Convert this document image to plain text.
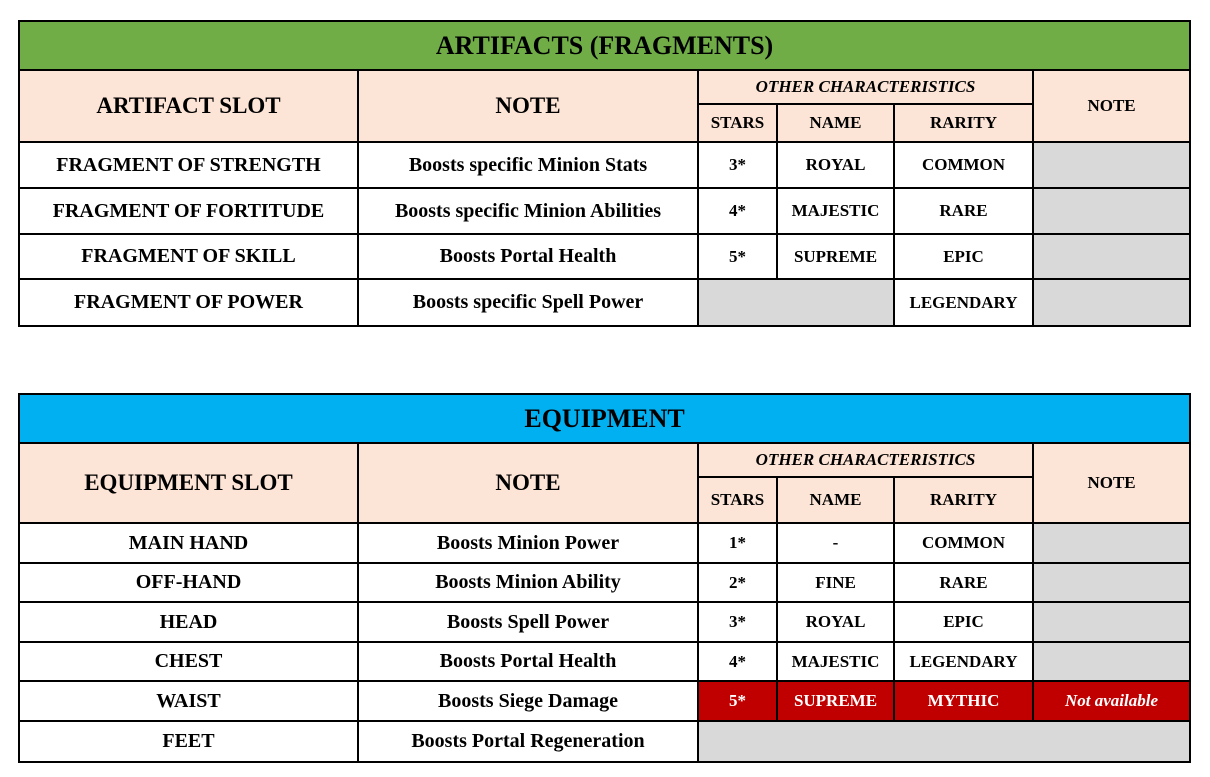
ARTIFACTS (FRAGMENTS)					
ARTIFACT SLOT	NOTE	OTHER CHARACTERISTICS			NOTE
		STARS	NAME	RARITY	
FRAGMENT OF STRENGTH	Boosts specific Minion Stats	3*	ROYAL	COMMON	
FRAGMENT OF FORTITUDE	Boosts specific Minion Abilities	4*	MAJESTIC	RARE	
FRAGMENT OF SKILL	Boosts Portal Health	5*	SUPREME	EPIC	
FRAGMENT OF POWER	Boosts specific Spell Power			LEGENDARY	
EQUIPMENT					
EQUIPMENT SLOT	NOTE	OTHER CHARACTERISTICS			NOTE
		STARS	NAME	RARITY	
MAIN HAND	Boosts Minion Power	1*	-	COMMON	
OFF-HAND	Boosts Minion Ability	2*	FINE	RARE	
HEAD	Boosts Spell Power	3*	ROYAL	EPIC	
CHEST	Boosts Portal Health	4*	MAJESTIC	LEGENDARY	
WAIST	Boosts Siege Damage	5*	SUPREME	MYTHIC	Not available
FEET	Boosts Portal Regeneration				
